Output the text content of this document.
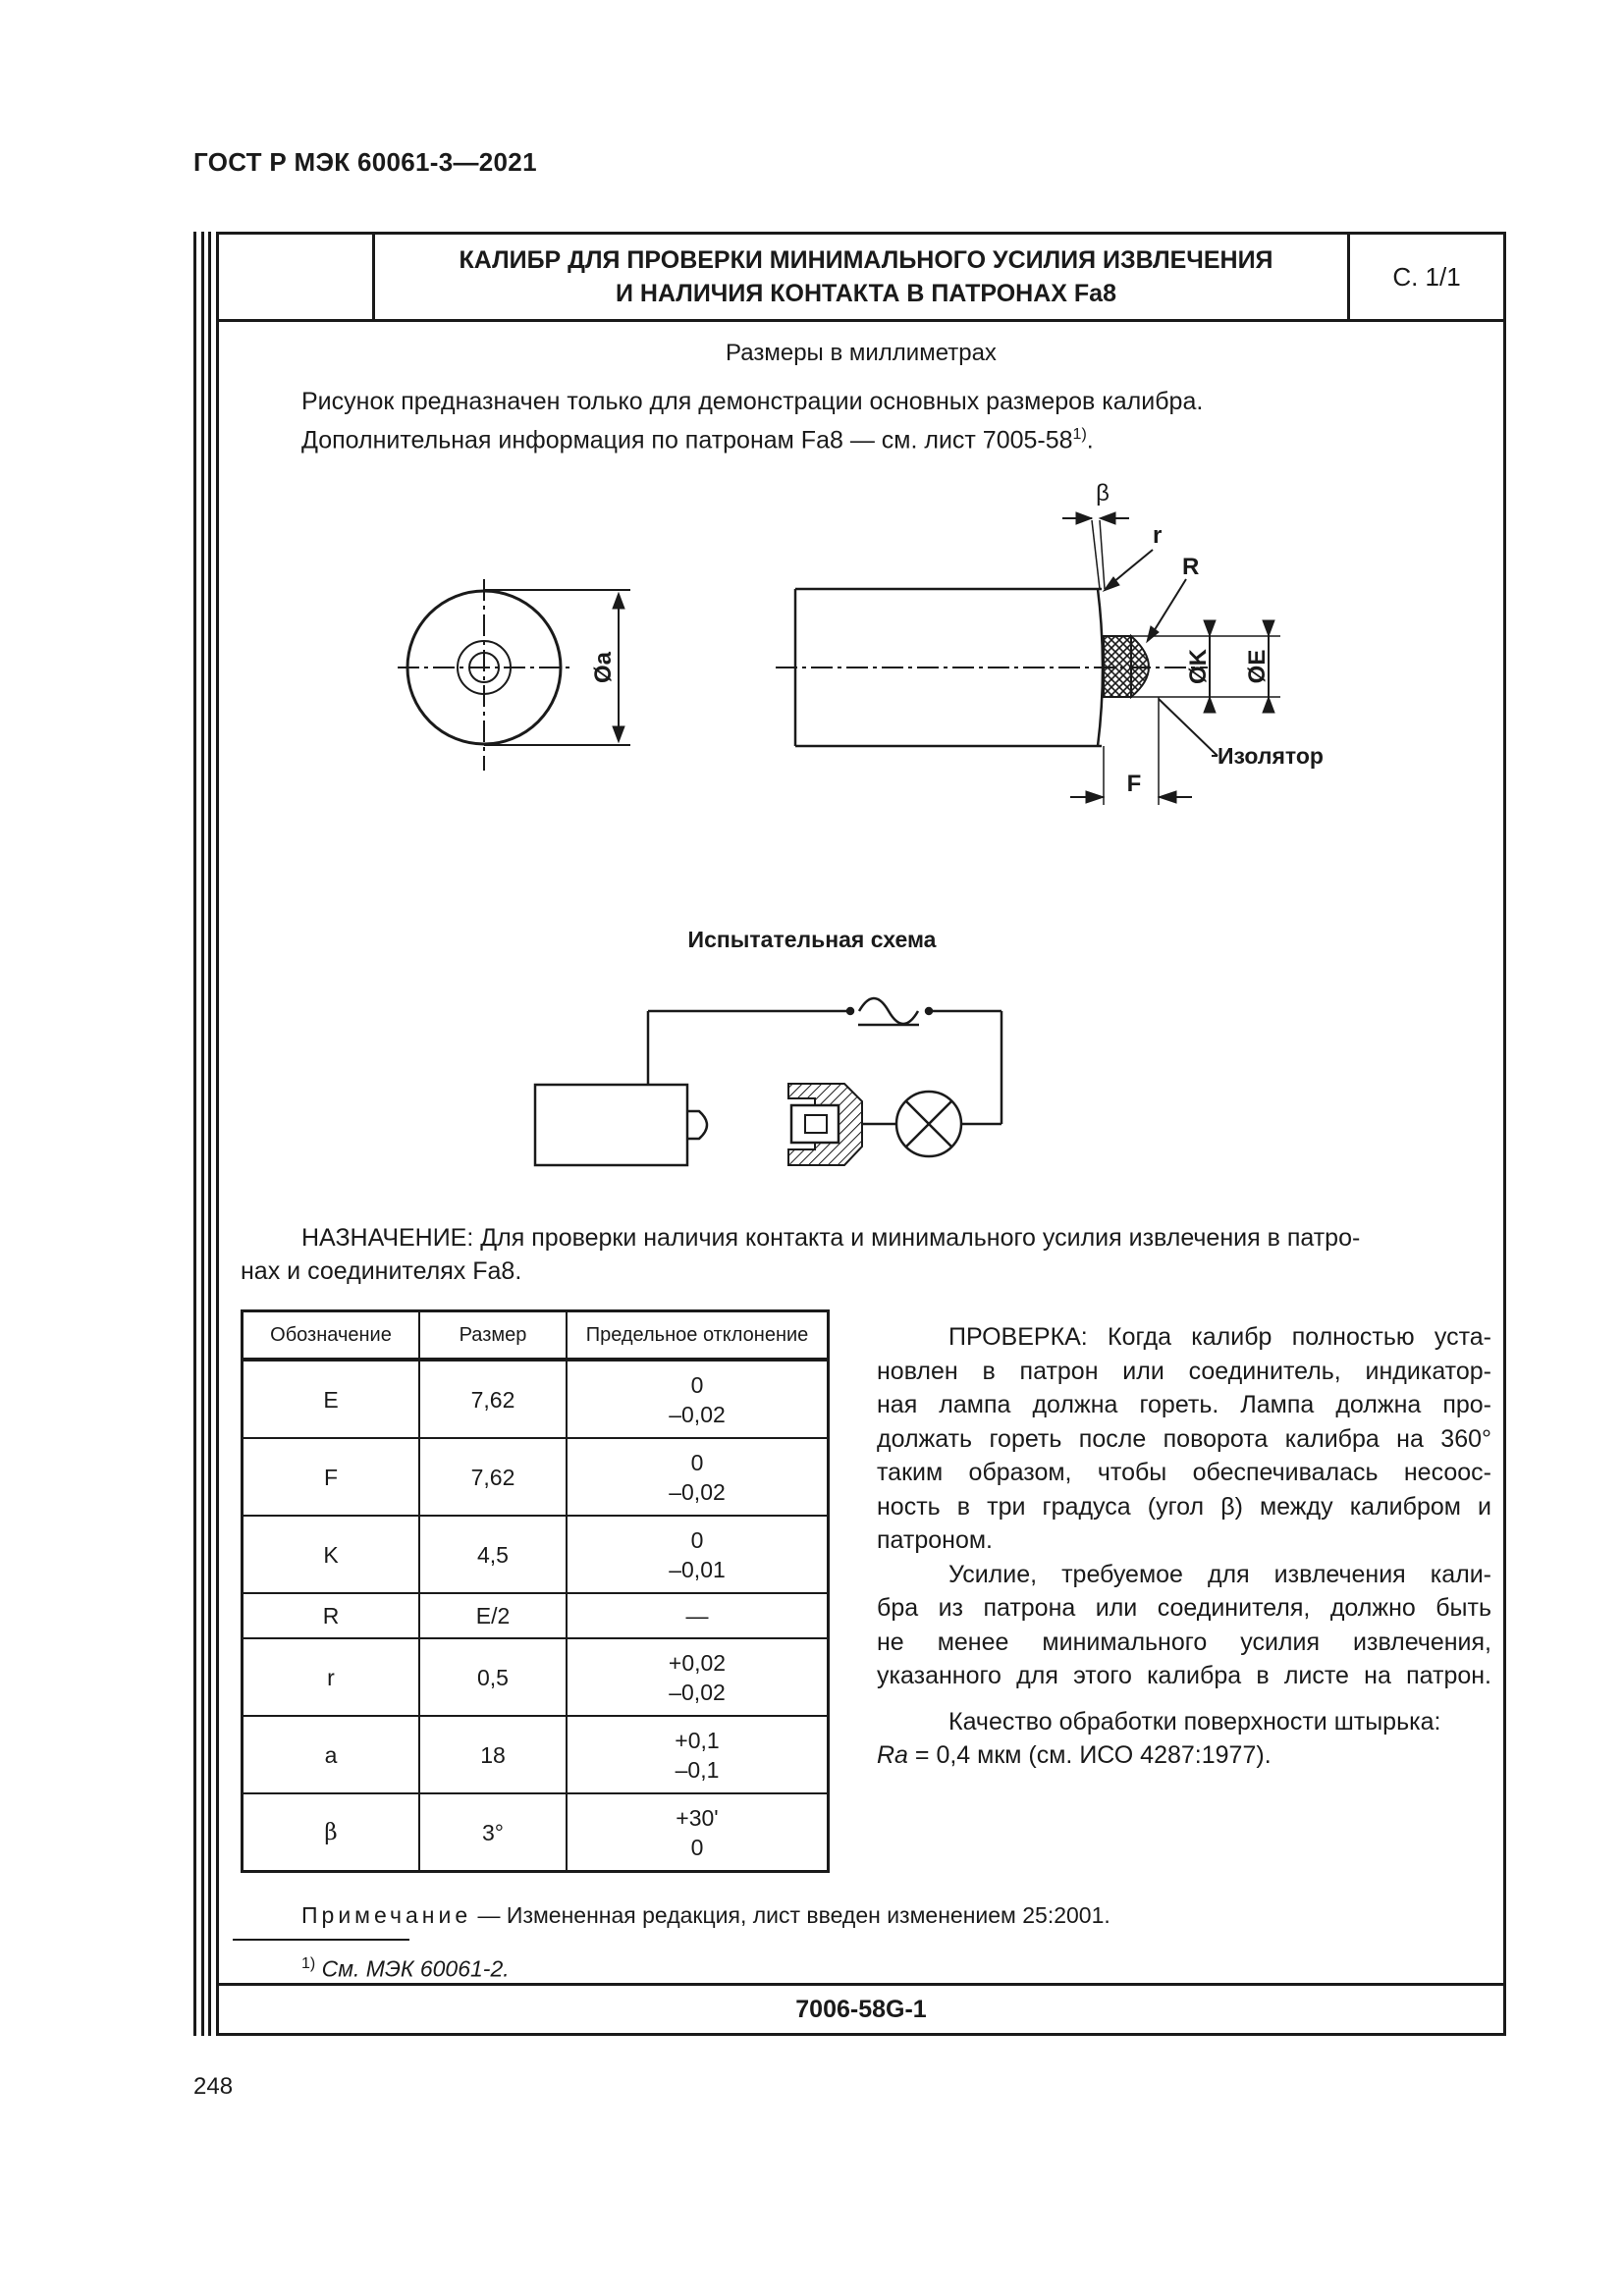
ГОСТ Р МЭК 60061-3—2021
КАЛИБР ДЛЯ ПРОВЕРКИ МИНИМАЛЬНОГО УСИЛИЯ ИЗВЛЕЧЕНИЯ
И НАЛИЧИЯ КОНТАКТА В ПАТРОНАХ Fa8
С. 1/1
7006-58G-1
Размеры в миллиметрах
Рисунок предназначен только для демонстрации основных размеров калибра.
Дополнительная информация по патронам Fa8 — см. лист 7005-58$^{1)}$.
Øa
β
r
R
ØK ØE
Изолятор
F
Испытательная схема
НАЗНАЧЕНИЕ: Для проверки наличия контакта и минимального усилия извлечения в патро-
нах и соединителях Fa8.
Обозначение	Размер	Предельное отклонение
E	7,62	0
–0,02

F	7,62	0
–0,02

K	4,5	0
–0,01

R	E/2	—
r	0,5	+0,02
–0,02

a	18	+0,1
–0,1

β	3°	+30'
0
ПРОВЕРКА: Когда калибр полностью уста-
новлен в патрон или соединитель, индикатор-
ная лампа должна гореть. Лампа должна про-
должать гореть после поворота калибра на 360°
таким образом, чтобы обеспечивалась несоос-
ность в три градуса (угол β) между калибром и
патроном.
Усилие, требуемое для извлечения кали-
бра из патрона или соединителя, должно быть
не менее минимального усилия извлечения,
указанного для этого калибра в листе на патрон.
Качество обработки поверхности штырька:
Ra = 0,4 мкм (см. ИСО 4287:1977).
Примечание — Измененная редакция, лист введен изменением 25:2001.
$^{1)}$ См. МЭК 60061-2.
248
